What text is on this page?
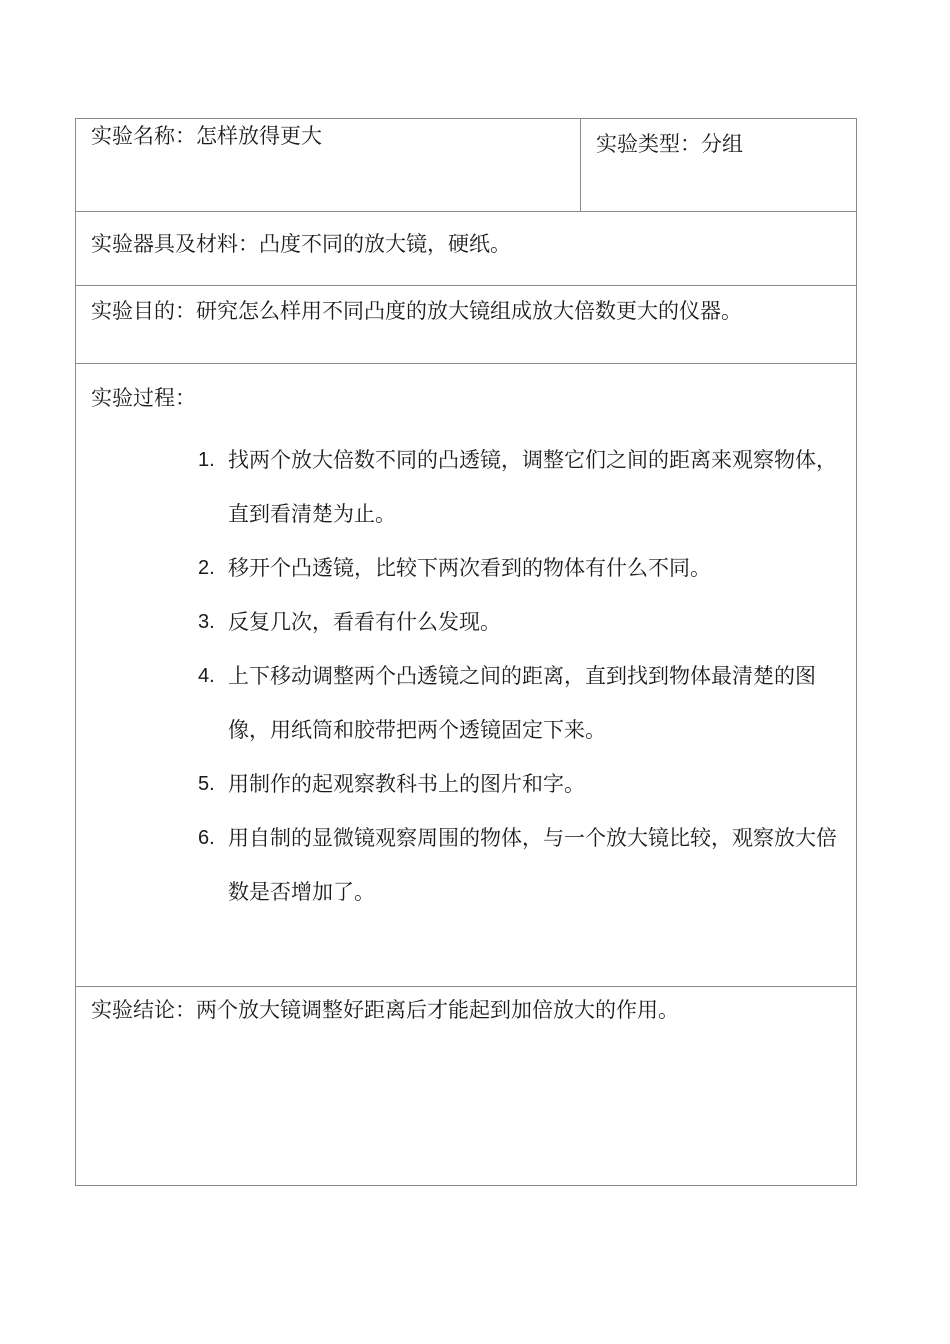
实验名称：怎样放得更大	实验类型：分组

实验器具及材料：凸度不同的放大镜，硬纸。

实验目的：研究怎么样用不同凸度的放大镜组成放大倍数更大的仪器。

实验过程：
1. 找两个放大倍数不同的凸透镜，调整它们之间的距离来观察物体，直到看清楚为止。
2. 移开个凸透镜，比较下两次看到的物体有什么不同。
3. 反复几次，看看有什么发现。
4. 上下移动调整两个凸透镜之间的距离，直到找到物体最清楚的图像，用纸筒和胶带把两个透镜固定下来。
5. 用制作的起观察教科书上的图片和字。
6. 用自制的显微镜观察周围的物体，与一个放大镜比较，观察放大倍数是否增加了。

实验结论：两个放大镜调整好距离后才能起到加倍放大的作用。
